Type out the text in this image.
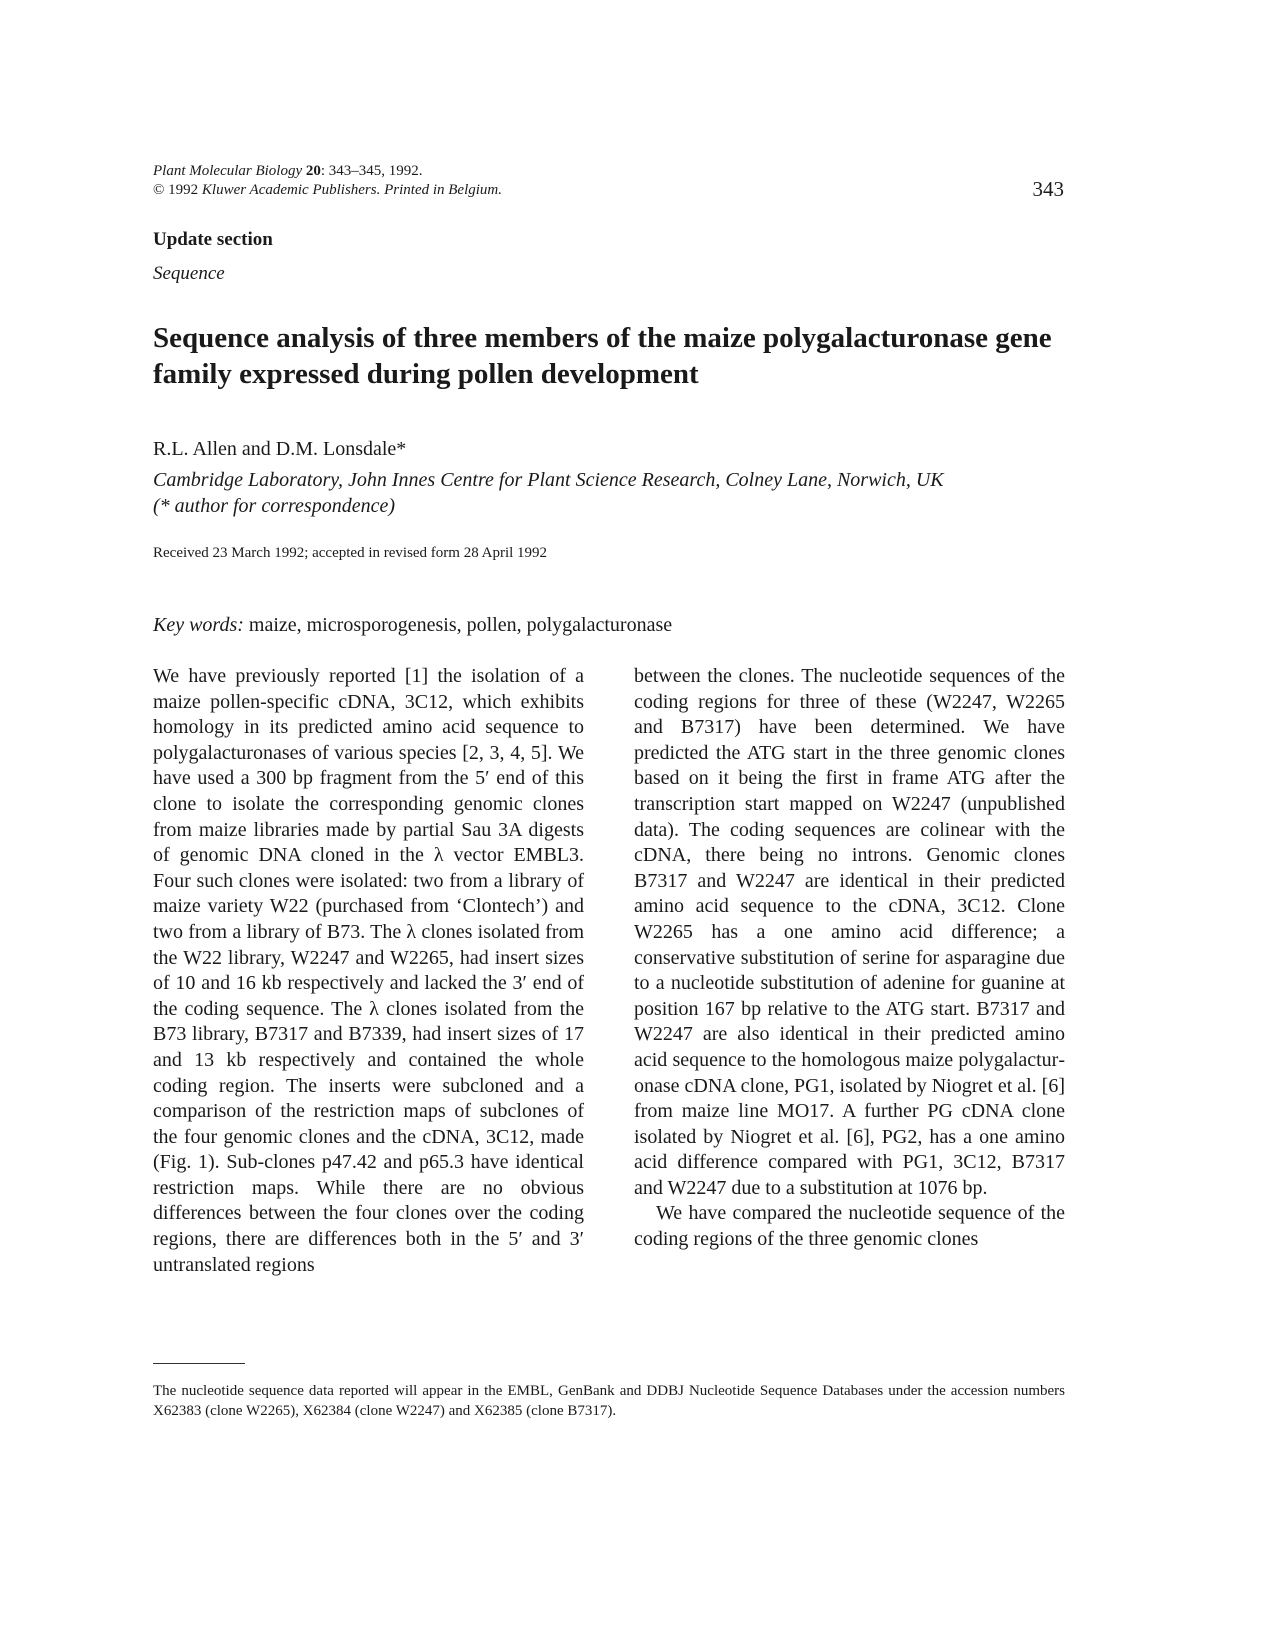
Plant Molecular Biology 20: 343–345, 1992.
© 1992 Kluwer Academic Publishers. Printed in Belgium.	343
Update section
Sequence
Sequence analysis of three members of the maize polygalacturonase gene family expressed during pollen development
R.L. Allen and D.M. Lonsdale*
Cambridge Laboratory, John Innes Centre for Plant Science Research, Colney Lane, Norwich, UK
(* author for correspondence)
Received 23 March 1992; accepted in revised form 28 April 1992
Key words: maize, microsporogenesis, pollen, polygalacturonase

We have previously reported [1] the isolation of a maize pollen-specific cDNA, 3C12, which exhibits homology in its predicted amino acid sequence to polygalacturonases of various species [2, 3, 4, 5]. We have used a 300 bp fragment from the 5′ end of this clone to isolate the corresponding genomic clones from maize libraries made by partial Sau 3A digests of genomic DNA cloned in the λ vector EMBL3. Four such clones were isolated: two from a library of maize variety W22 (purchased from ‘Clontech’) and two from a library of B73. The λ clones isolated from the W22 library, W2247 and W2265, had insert sizes of 10 and 16 kb respectively and lacked the 3′ end of the coding sequence. The λ clones isolated from the B73 library, B7317 and B7339, had insert sizes of 17 and 13 kb respectively and contained the whole coding region. The inserts were subcloned and a comparison of the restriction maps of subclones of the four genomic clones and the cDNA, 3C12, made (Fig. 1). Sub-clones p47.42 and p65.3 have identical restriction maps. While there are no obvious differences between the four clones over the coding regions, there are differences both in the 5′ and 3′ untranslated regions

between the clones. The nucleotide sequences of the coding regions for three of these (W2247, W2265 and B7317) have been determined. We have predicted the ATG start in the three genomic clones based on it being the first in frame ATG after the transcription start mapped on W2247 (unpublished data). The coding sequences are colinear with the cDNA, there being no introns. Genomic clones B7317 and W2247 are identical in their predicted amino acid sequence to the cDNA, 3C12. Clone W2265 has a one amino acid difference; a conservative substitution of serine for asparagine due to a nucleotide substitution of adenine for guanine at position 167 bp relative to the ATG start. B7317 and W2247 are also identical in their predicted amino acid sequence to the homologous maize polygalacturonase cDNA clone, PG1, isolated by Niogret et al. [6] from maize line MO17. A further PG cDNA clone isolated by Niogret et al. [6], PG2, has a one amino acid difference compared with PG1, 3C12, B7317 and W2247 due to a substitution at 1076 bp.

We have compared the nucleotide sequence of the coding regions of the three genomic clones

The nucleotide sequence data reported will appear in the EMBL, GenBank and DDBJ Nucleotide Sequence Databases under the accession numbers X62383 (clone W2265), X62384 (clone W2247) and X62385 (clone B7317).
